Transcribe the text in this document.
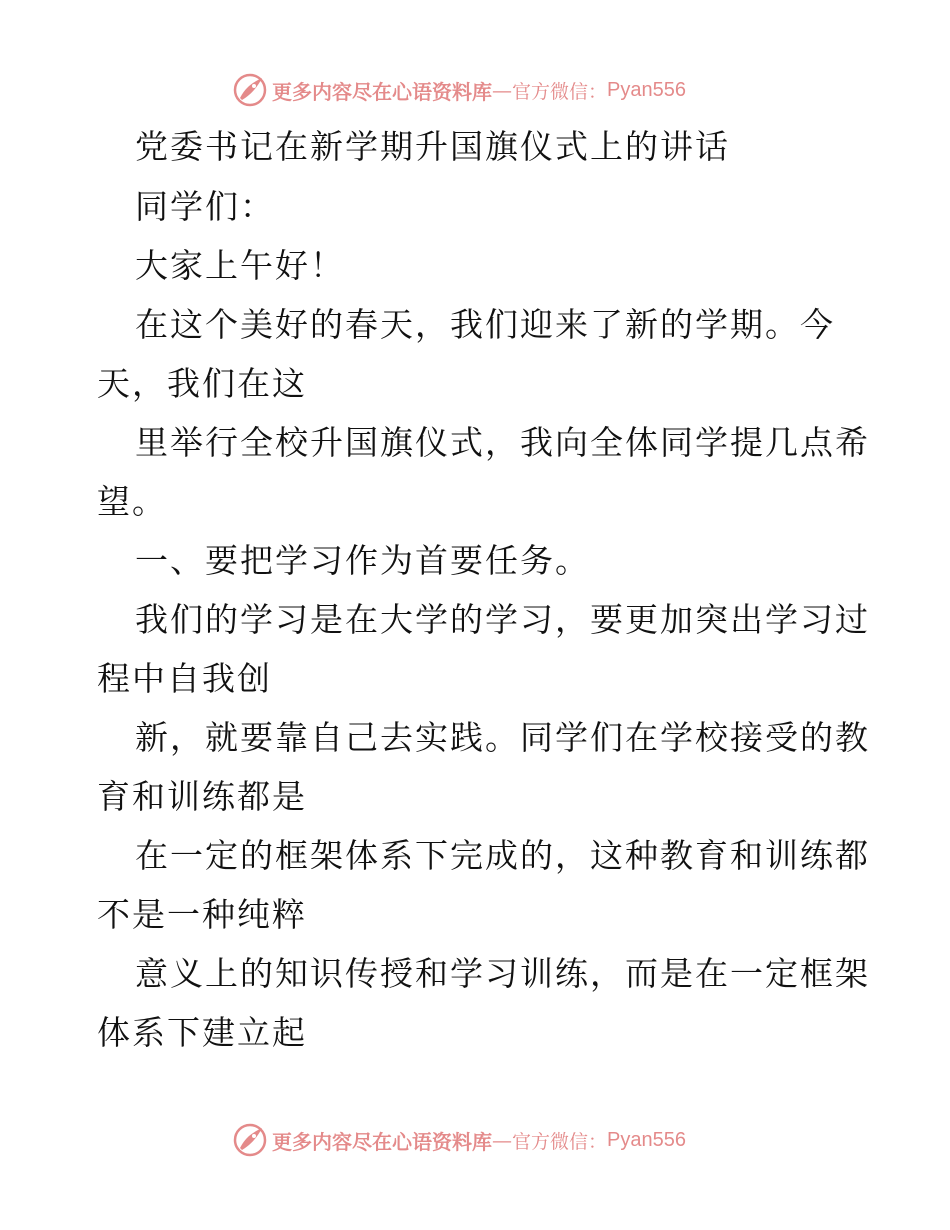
更多内容尽在心语资料库 — 官方微信： Pyan556
党委书记在新学期升国旗仪式上的讲话
同学们：
大家上午好！
在这个美好的春天，我们迎来了新的学期。今
天，我们在这
里举行全校升国旗仪式，我向全体同学提几点希
望。
一、要把学习作为首要任务。
我们的学习是在大学的学习，要更加突出学习过
程中自我创
新，就要靠自己去实践。同学们在学校接受的教
育和训练都是
在一定的框架体系下完成的，这种教育和训练都
不是一种纯粹
意义上的知识传授和学习训练，而是在一定框架
体系下建立起
更多内容尽在心语资料库 — 官方微信： Pyan556
